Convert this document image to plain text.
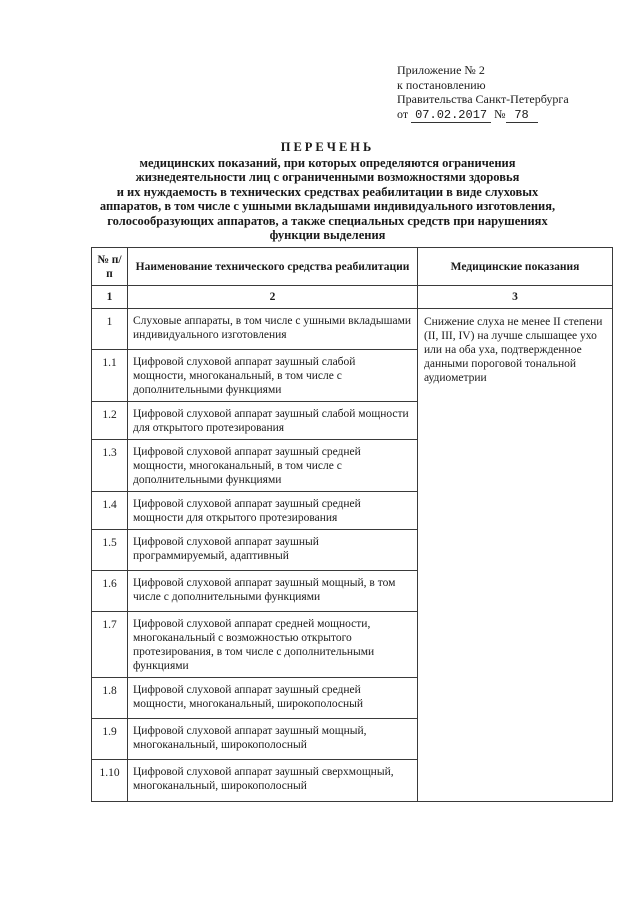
Приложение № 2
к постановлению
Правительства Санкт-Петербурга
от 07.02.2017 № 78
ПЕРЕЧЕНЬ
медицинских показаний, при которых определяются ограничения
жизнедеятельности лиц с ограниченными возможностями здоровья
и их нуждаемость в технических средствах реабилитации в виде слуховых
аппаратов, в том числе с ушными вкладышами индивидуального изготовления,
голосообразующих аппаратов, а также специальных средств при нарушениях
функции выделения
№ п/п	Наименование технического средства реабилитации	Медицинские показания
1	2	3
1	Слуховые аппараты, в том числе с ушными вкладышами индивидуального изготовления	Снижение слуха не менее II степени (II, III, IV) на лучше слышащее ухо или на оба уха, подтвержденное данными пороговой тональной аудиометрии
1.1	Цифровой слуховой аппарат заушный слабой мощности, многоканальный, в том числе с дополнительными функциями	
1.2	Цифровой слуховой аппарат заушный слабой мощности для открытого протезирования	
1.3	Цифровой слуховой аппарат заушный средней мощности, многоканальный, в том числе с дополнительными функциями	
1.4	Цифровой слуховой аппарат заушный средней мощности для открытого протезирования	
1.5	Цифровой слуховой аппарат заушный программируемый, адаптивный	
1.6	Цифровой слуховой аппарат заушный мощный, в том числе с дополнительными функциями	
1.7	Цифровой слуховой аппарат средней мощности, многоканальный с возможностью открытого протезирования, в том числе с дополнительными функциями	
1.8	Цифровой слуховой аппарат заушный средней мощности, многоканальный, широкополосный	
1.9	Цифровой слуховой аппарат заушный мощный, многоканальный, широкополосный	
1.10	Цифровой слуховой аппарат заушный сверхмощный, многоканальный, широкополосный	
